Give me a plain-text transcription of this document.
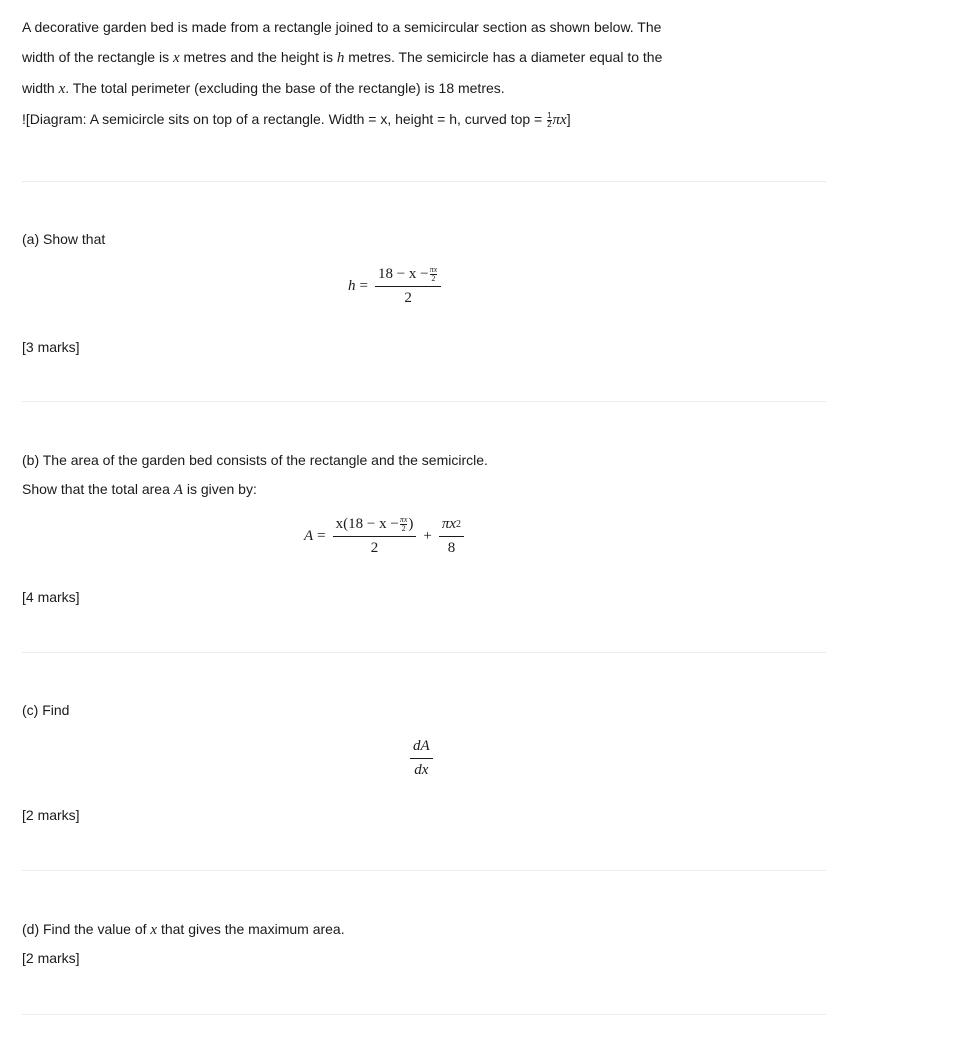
A decorative garden bed is made from a rectangle joined to a semicircular section as shown below. The

width of the rectangle is x metres and the height is h metres. The semicircle has a diameter equal to the

width x. The total perimeter (excluding the base of the rectangle) is 18 metres.

![Diagram: A semicircle sits on top of a rectangle. Width = x, height = h, curved top = $\frac{1}{2} \pi x$]

(a) Show that

$h = \frac{18 - x - \frac{\pi x}{2}}{2}$

[3 marks]

(b) The area of the garden bed consists of the rectangle and the semicircle.

Show that the total area A is given by:

$A = \frac{x(18 - x - \frac{\pi x}{2} )}{2} + \frac{\pi x 2}{8}$

[4 marks]

(c) Find

$\frac{dA}{dx}$

[2 marks]

(d) Find the value of x that gives the maximum area.

[2 marks]
